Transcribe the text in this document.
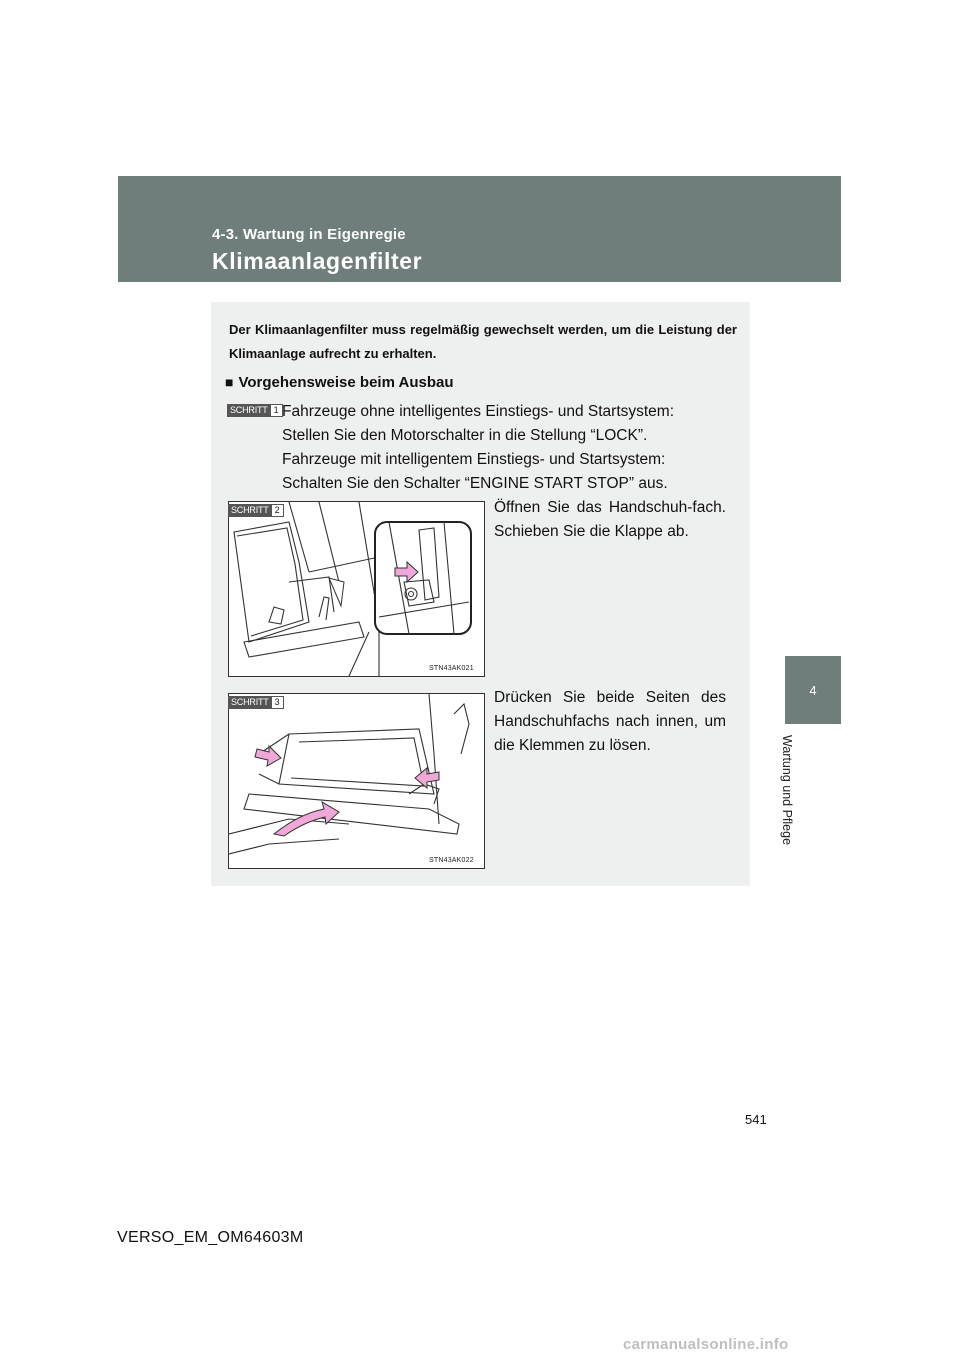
4-3. Wartung in Eigenregie
Klimaanlagenfilter
4
Wartung und Pflege
Der Klimaanlagenfilter muss regelmäßig gewechselt werden, um die Leistung der Klimaanlage aufrecht zu erhalten.
■ Vorgehensweise beim Ausbau
SCHRITT 1 Fahrzeuge ohne intelligentes Einstiegs- und Startsystem:
Stellen Sie den Motorschalter in die Stellung “LOCK”.
Fahrzeuge mit intelligentem Einstiegs- und Startsystem:
Schalten Sie den Schalter “ENGINE START STOP” aus.
STN43AK021
SCHRITT 2	Öffnen Sie das Handschuh-fach. Schieben Sie die Klappe ab.
STN43AK022
SCHRITT 3	Drücken Sie beide Seiten des Handschuhfachs nach innen, um die Klemmen zu lösen.
541
VERSO_EM_OM64603M
carmanualsonline.info
